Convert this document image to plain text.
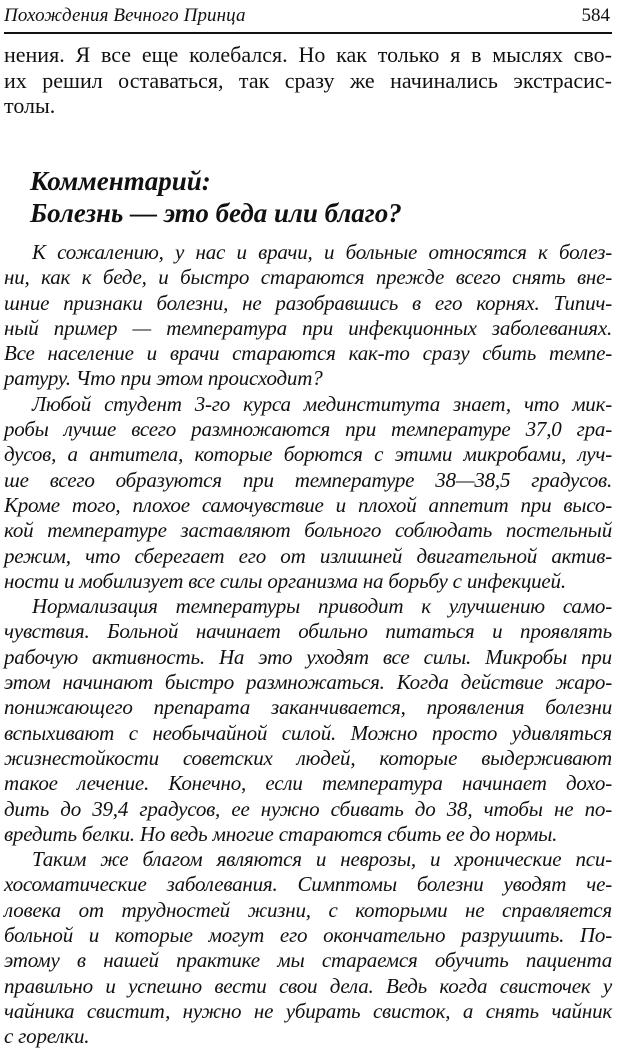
Похождения Вечного Принца	584
нения. Я все еще колебался. Но как только я в мыслях сво-
их решил оставаться, так сразу же начинались экстрасис-
толы.
Комментарий:
Болезнь — это беда или благо?
К сожалению, у нас и врачи, и больные относятся к болез-
ни, как к беде, и быстро стараются прежде всего снять вне-
шние признаки болезни, не разобравшись в его корнях. Типич-
ный пример — температура при инфекционных заболеваниях.
Все население и врачи стараются как-то сразу сбить темпе-
ратуру. Что при этом происходит?
Любой студент 3-го курса мединститута знает, что мик-
робы лучше всего размножаются при температуре 37,0 гра-
дусов, а антитела, которые борются с этими микробами, луч-
ше всего образуются при температуре 38—38,5 градусов.
Кроме того, плохое самочувствие и плохой аппетит при высо-
кой температуре заставляют больного соблюдать постельный
режим, что сберегает его от излишней двигательной актив-
ности и мобилизует все силы организма на борьбу с инфекцией.
Нормализация температуры приводит к улучшению само-
чувствия. Больной начинает обильно питаться и проявлять
рабочую активность. На это уходят все силы. Микробы при
этом начинают быстро размножаться. Когда действие жаро-
понижающего препарата заканчивается, проявления болезни
вспыхивают с необычайной силой. Можно просто удивляться
жизнестойкости советских людей, которые выдерживают
такое лечение. Конечно, если температура начинает дохо-
дить до 39,4 градусов, ее нужно сбивать до 38, чтобы не по-
вредить белки. Но ведь многие стараются сбить ее до нормы.
Таким же благом являются и неврозы, и хронические пси-
хосоматические заболевания. Симптомы болезни уводят че-
ловека от трудностей жизни, с которыми не справляется
больной и которые могут его окончательно разрушить. По-
этому в нашей практике мы стараемся обучить пациента
правильно и успешно вести свои дела. Ведь когда свисточек у
чайника свистит, нужно не убирать свисток, а снять чайник
с горелки.
